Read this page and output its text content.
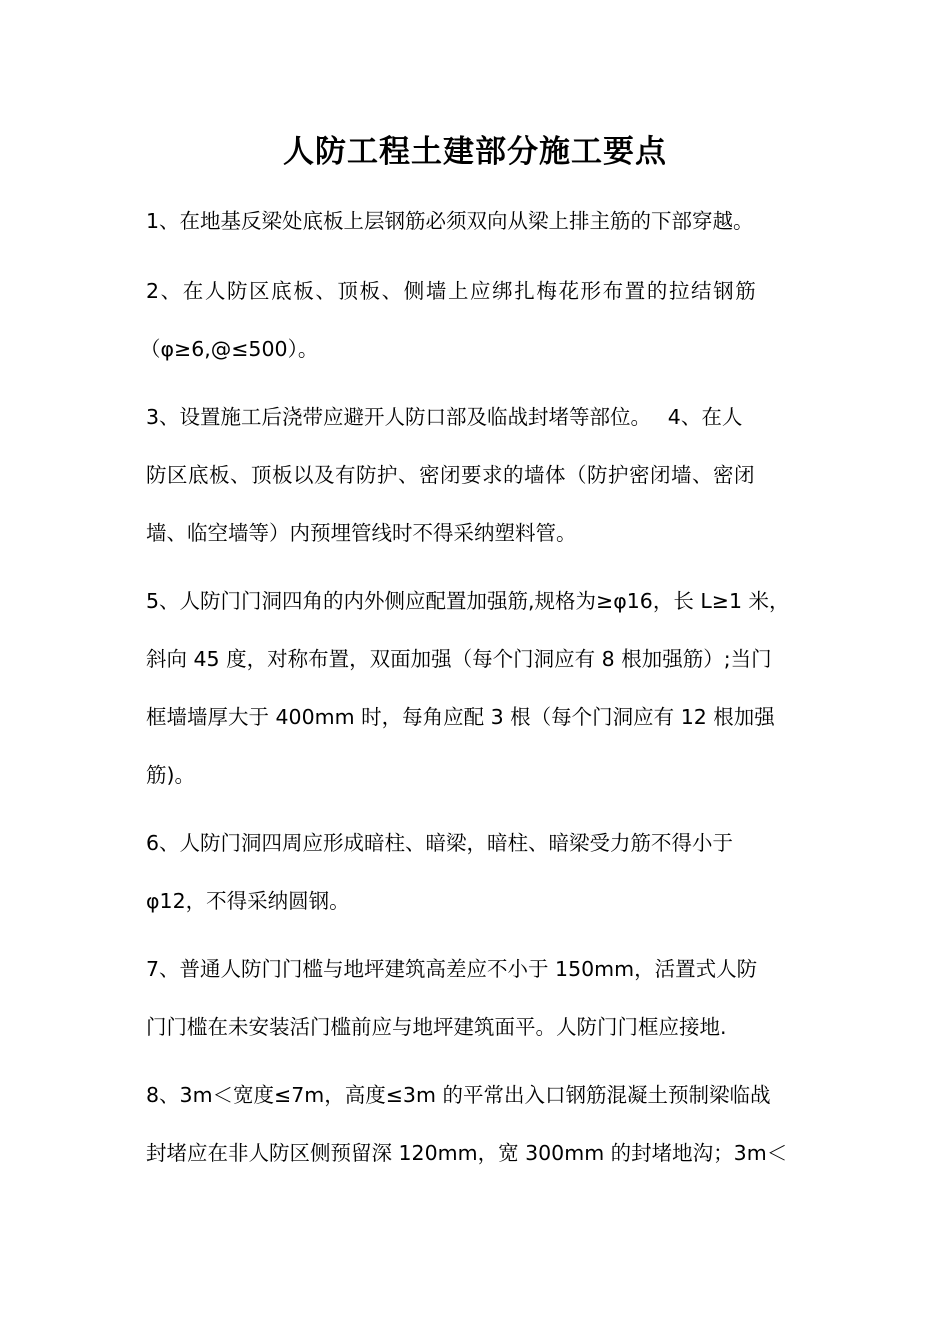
人防工程土建部分施工要点
1、在地基反梁处底板上层钢筋必须双向从梁上排主筋的下部穿越。
2、在人防区底板、顶板、侧墙上应绑扎梅花形布置的拉结钢筋
（φ≥6,@≤500）。
3、设置施工后浇带应避开人防口部及临战封堵等部位。　 4、在人
防区底板、顶板以及有防护、密闭要求的墙体（防护密闭墙、密闭
墙、临空墙等）内预埋管线时不得采纳塑料管。
5、人防门门洞四角的内外侧应配置加强筋,规格为≥φ16，长 L≥1 米，
斜向 45 度，对称布置，双面加强（每个门洞应有 8 根加强筋）;当门
框墙墙厚大于 400mm 时，每角应配 3 根（每个门洞应有 12 根加强
筋)。
6、人防门洞四周应形成暗柱、暗梁，暗柱、暗梁受力筋不得小于
φ12，不得采纳圆钢。
7、普通人防门门槛与地坪建筑高差应不小于 150mm，活置式人防
门门槛在未安装活门槛前应与地坪建筑面平。人防门门框应接地.
8、3m＜宽度≤7m，高度≤3m 的平常出入口钢筋混凝土预制梁临战
封堵应在非人防区侧预留深 120mm，宽 300mm 的封堵地沟；3m＜
